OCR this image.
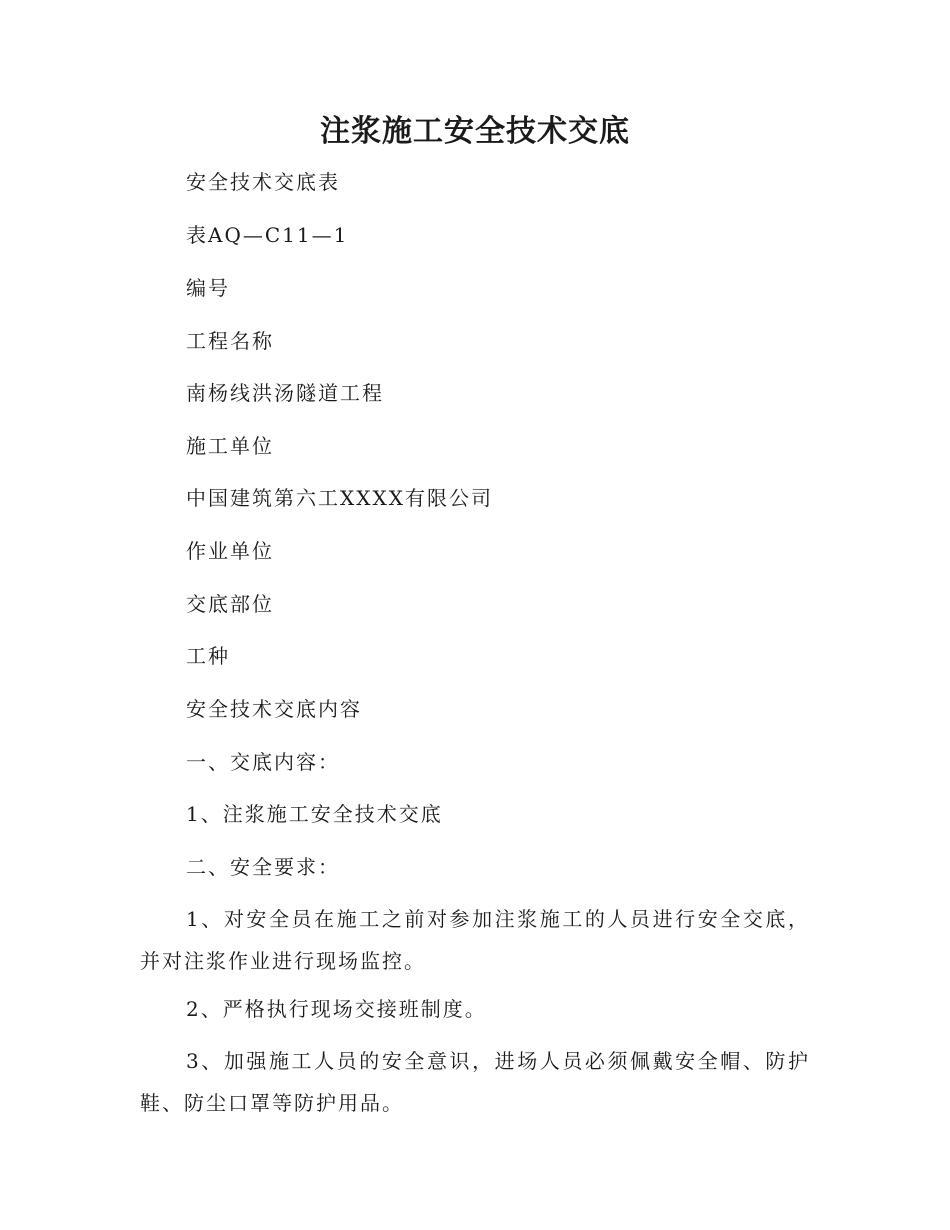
注浆施工安全技术交底
安全技术交底表
表AQ—C11—1
编号
工程名称
南杨线洪汤隧道工程
施工单位
中国建筑第六工XXXX有限公司
作业单位
交底部位
工种
安全技术交底内容
一、交底内容：
1、注浆施工安全技术交底
二、安全要求：
1、对安全员在施工之前对参加注浆施工的人员进行安全交底，并对注浆作业进行现场监控。
2、严格执行现场交接班制度。
3、加强施工人员的安全意识，进场人员必须佩戴安全帽、防护鞋、防尘口罩等防护用品。
